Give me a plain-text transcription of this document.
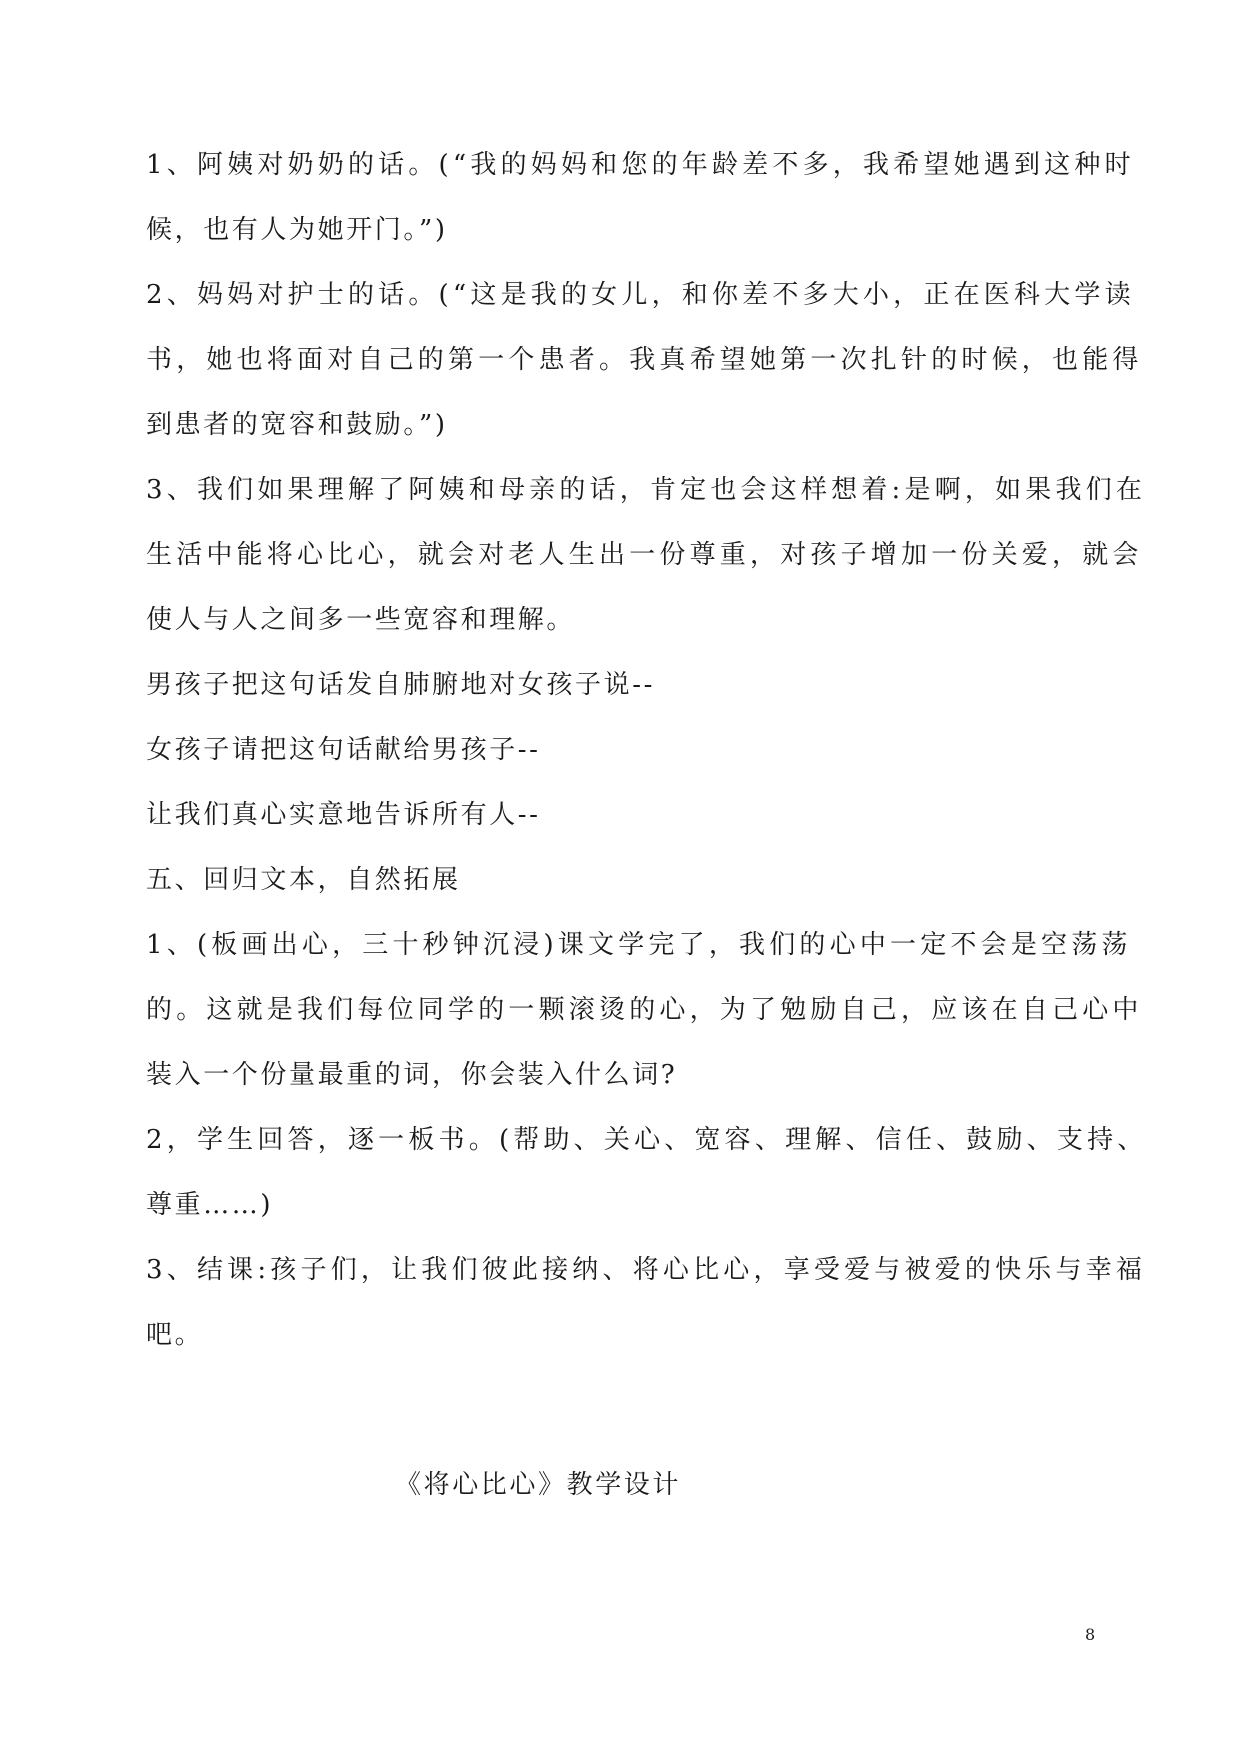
1、阿姨对奶奶的话。(“我的妈妈和您的年龄差不多，我希望她遇到这种时
候，也有人为她开门。”)
2、妈妈对护士的话。(“这是我的女儿，和你差不多大小，正在医科大学读
书，她也将面对自己的第一个患者。我真希望她第一次扎针的时候，也能得
到患者的宽容和鼓励。”)
3、我们如果理解了阿姨和母亲的话，肯定也会这样想着:是啊，如果我们在
生活中能将心比心，就会对老人生出一份尊重，对孩子增加一份关爱，就会
使人与人之间多一些宽容和理解。
男孩子把这句话发自肺腑地对女孩子说--
女孩子请把这句话献给男孩子--
让我们真心实意地告诉所有人--
五、回归文本，自然拓展
1、(板画出心，三十秒钟沉浸)课文学完了，我们的心中一定不会是空荡荡
的。这就是我们每位同学的一颗滚烫的心，为了勉励自己，应该在自己心中
装入一个份量最重的词，你会装入什么词?
2，学生回答，逐一板书。(帮助、关心、宽容、理解、信任、鼓励、支持、
尊重……)
3、结课:孩子们，让我们彼此接纳、将心比心，享受爱与被爱的快乐与幸福
吧。
《将心比心》教学设计
8
